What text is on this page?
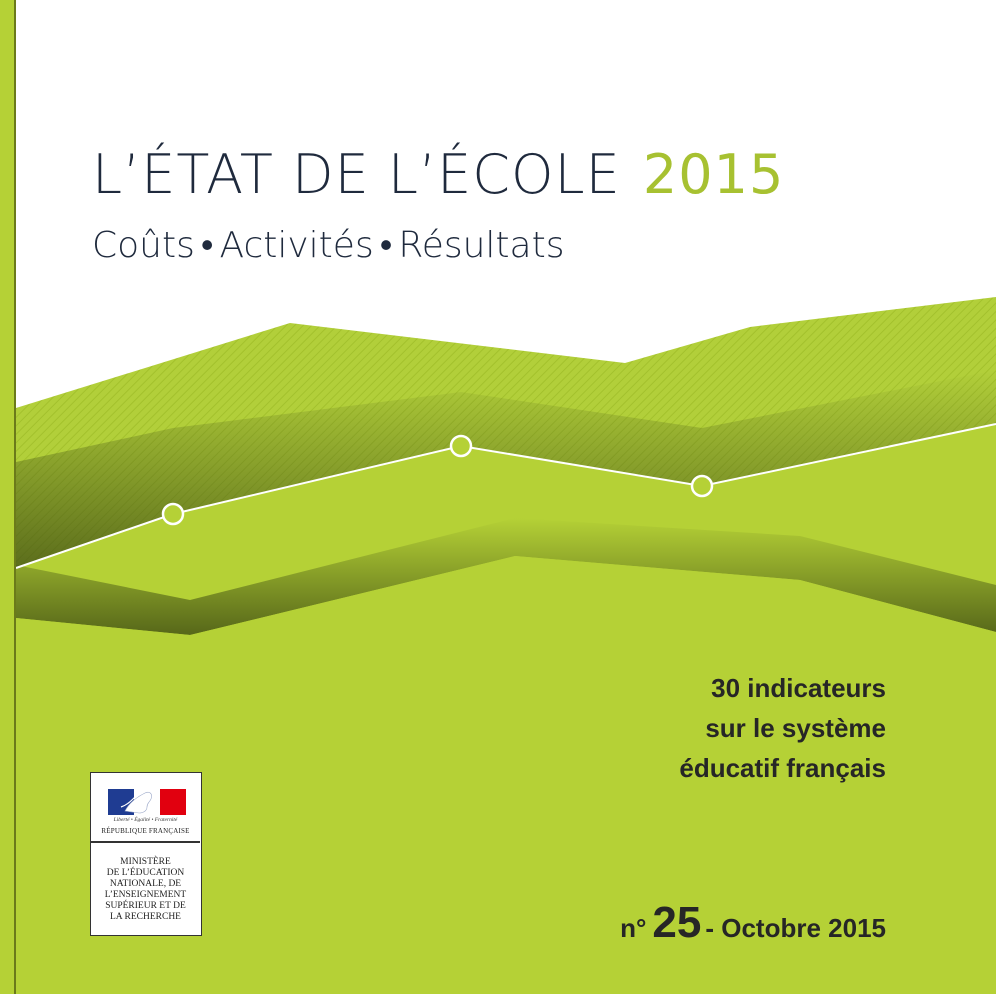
L’ÉTAT DE L’ÉCOLE 2015
Coûts • Activités • Résultats
30 indicateurs
sur le système
éducatif français
n° 25 - Octobre 2015
Liberté • Égalité • Fraternité
RÉPUBLIQUE FRANÇAISE
MINISTÈRE
DE L’ÉDUCATION
NATIONALE, DE
L’ENSEIGNEMENT
SUPÉRIEUR ET DE
LA RECHERCHE
